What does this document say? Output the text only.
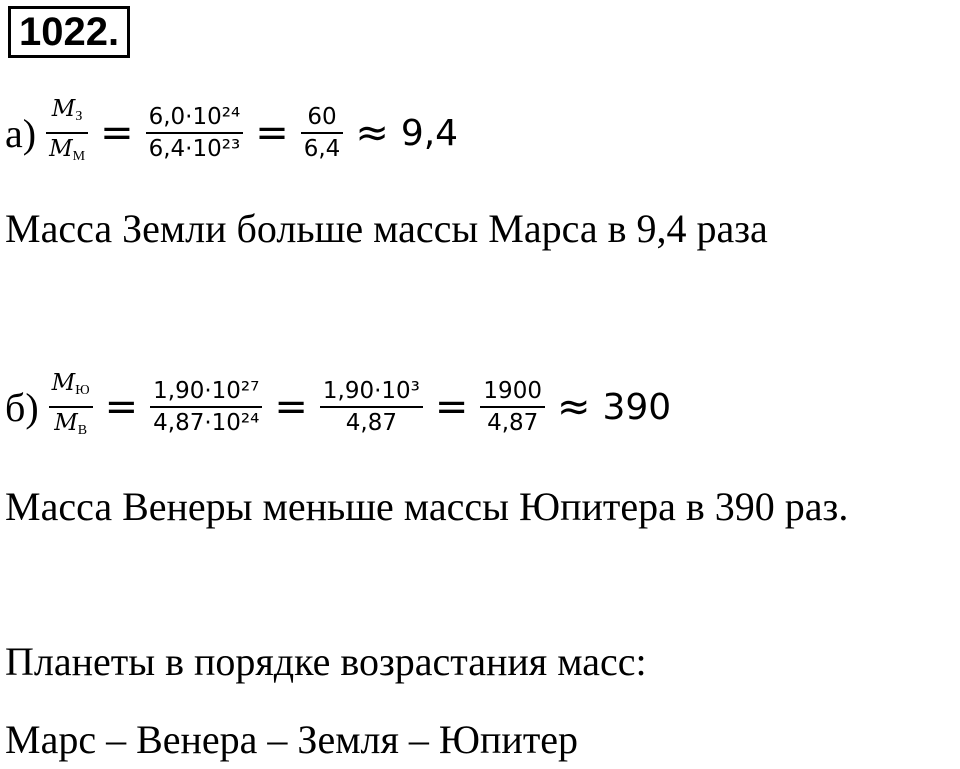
1022.
$а) \frac{M_З}{M_М} = \frac{\text{6,0·10²⁴}}{\text{6,4·10²³}} = \frac{60}{6,4} \approx 9,4$
Масса Земли больше массы Марса в 9,4 раза
$б) \frac{M_Ю}{M_В} = \frac{\text{1,90·10²⁷}}{\text{4,87·10²⁴}} = \frac{\text{1,90·10³}}{4,87} = \frac{1900}{4,87} \approx 390$
Масса Венеры меньше массы Юпитера в 390 раз.
Планеты в порядке возрастания масс:
Марс – Венера – Земля – Юпитер
